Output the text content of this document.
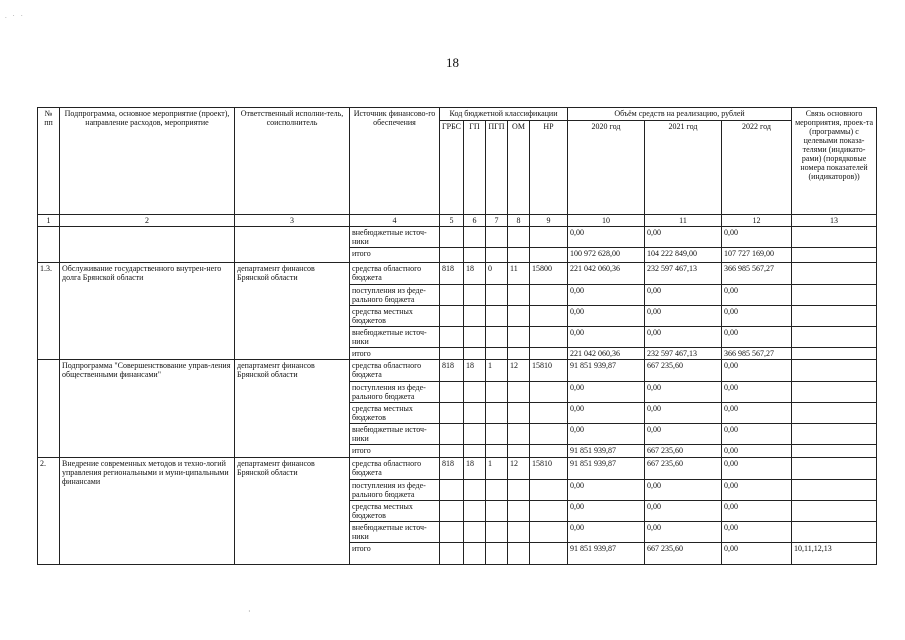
. · ·
18
№
пп	Подпрограмма, основное мероприятие (проект), направление расходов, мероприятие	Ответственный исполни-тель, соисполнитель	Источник финансово-го обеспечения	Код бюджетной классификации					Объём средств на реализацию, рублей			Связь основного мероприятия, проек-та (программы) с целевыми показа-телями (индикато-рами) (порядковые номера показателей (индикаторов))
				ГРБС	ГП	ПГП	ОМ	НР	2020 год	2021 год	2022 год	
1	2	3	4	5	6	7	8	9	10	11	12	13
			внебюджетные источ-ники						0,00	0,00	0,00	
			итого						100 972 628,00	104 222 849,00	107 727 169,00	
1.3.	Обслуживание государственного внутрен-него долга Брянской области	департамент финансов Брянской области	средства областного бюджета	818	18	0	11	15800	221 042 060,36	232 597 467,13	366 985 567,27	
			поступления из феде-рального бюджета						0,00	0,00	0,00	
			средства местных бюджетов						0,00	0,00	0,00	
			внебюджетные источ-ники						0,00	0,00	0,00	
			итого						221 042 060,36	232 597 467,13	366 985 567,27	
	Подпрограмма "Совершенствование управ-ления общественными финансами"	департамент финансов Брянской области	средства областного бюджета	818	18	1	12	15810	91 851 939,87	667 235,60	0,00	
			поступления из феде-рального бюджета						0,00	0,00	0,00	
			средства местных бюджетов						0,00	0,00	0,00	
			внебюджетные источ-ники						0,00	0,00	0,00	
			итого						91 851 939,87	667 235,60	0,00	
2.	Внедрение современных методов и техно-логий управления региональными и муни-ципальными финансами	департамент финансов Брянской области	средства областного бюджета	818	18	1	12	15810	91 851 939,87	667 235,60	0,00	
			поступления из феде-рального бюджета						0,00	0,00	0,00	
			средства местных бюджетов						0,00	0,00	0,00	
			внебюджетные источ-ники						0,00	0,00	0,00	
			итого						91 851 939,87	667 235,60	0,00	10,11,12,13
·
